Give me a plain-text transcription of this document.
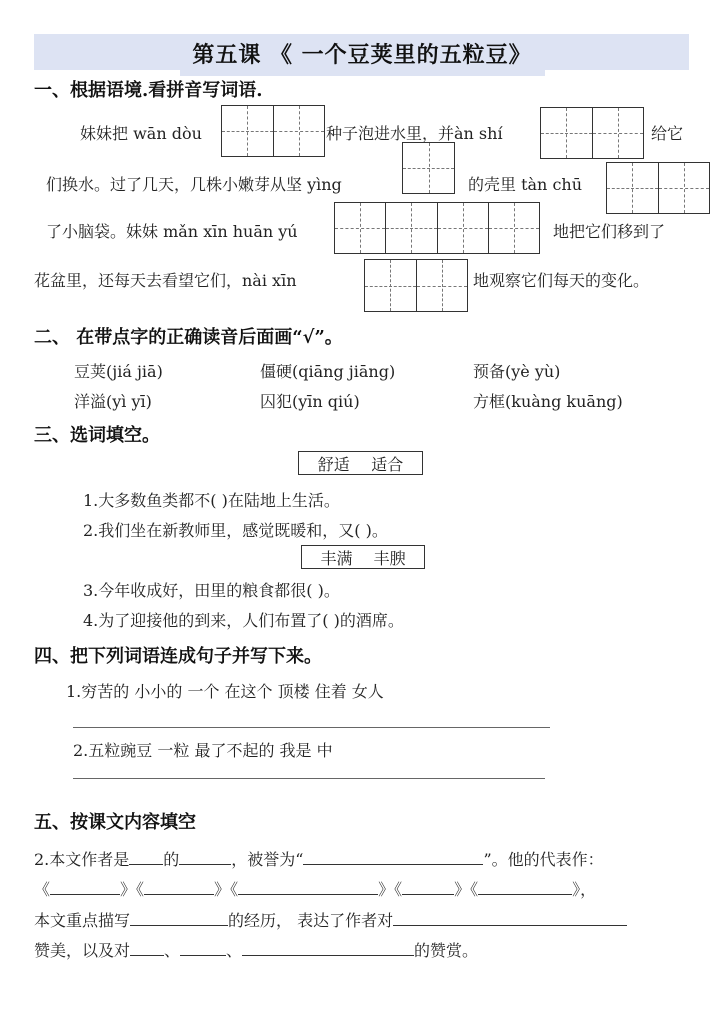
第五课 《 一个豆荚里的五粒豆》
一、根据语境.看拼音写词语.
妹妹把 wān dòu	种子泡进水里，并àn shí	给它
们换水。过了几天，几株小嫩芽从坚 yìng	的壳里 tàn chū
了小脑袋。妹妹 mǎn xīn huān yú	地把它们移到了
花盆里，还每天去看望它们，nài xīn	地观察它们每天的变化。
二、 在带点字的正确读音后面画“√”。
豆荚(jiá jiā)	僵硬(qiāng jiāng)	预备(yè yù)
洋溢(yì yī)	囚犯(yīn qiú)	方框(kuàng kuāng)
三、选词填空。
舒适 适合
1.大多数鱼类都不( )在陆地上生活。
2.我们坐在新教师里，感觉既暖和，又( )。
丰满 丰腴
3.今年收成好，田里的粮食都很( )。
4.为了迎接他的到来，人们布置了( )的酒席。
四、把下列词语连成句子并写下来。
1.穷苦的 小小的 一个 在这个 顶楼 住着 女人
2.五粒豌豆 一粒 最了不起的 我是 中
五、按课文内容填空
2.本文作者是 的	，被誉为“	”。他的代表作：
《	》《	》《	》《	》《	》，
本文重点描写	的经历， 表达了作者对
赞美，以及对 、	、	的赞赏。
